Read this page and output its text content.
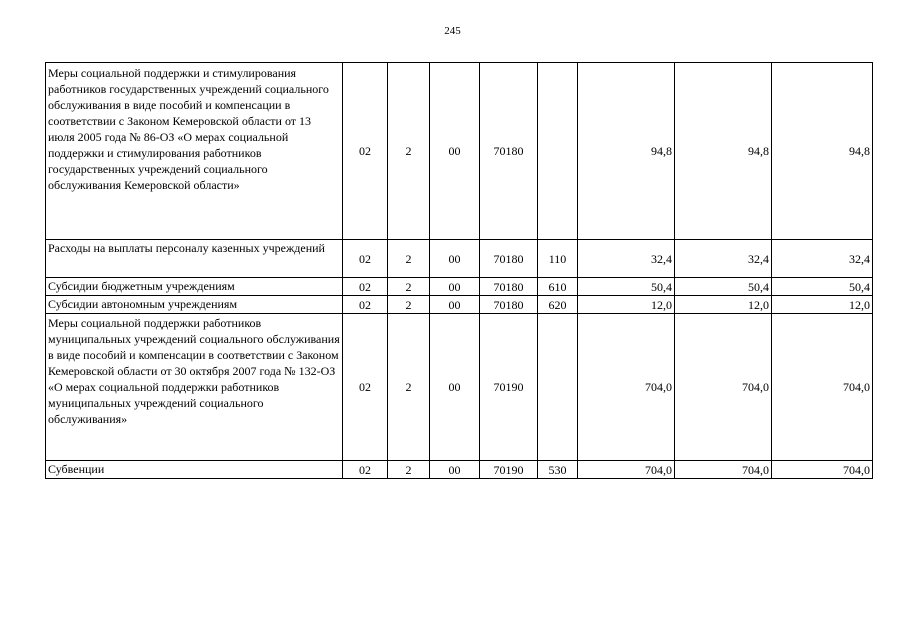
245
Меры социальной поддержки и стимулирования работников государственных учреждений социального обслуживания в виде пособий и компенсации в соответствии с Законом Кемеровской области от 13 июля 2005 года № 86-ОЗ «О мерах социальной поддержки и стимулирования работников государственных учреждений социального обслуживания Кемеровской области»	02	2	00	70180		94,8	94,8	94,8
Расходы на выплаты персоналу казенных учреждений	02	2	00	70180	110	32,4	32,4	32,4
Субсидии бюджетным учреждениям	02	2	00	70180	610	50,4	50,4	50,4
Субсидии автономным учреждениям	02	2	00	70180	620	12,0	12,0	12,0
Меры социальной поддержки работников муниципальных учреждений социального обслуживания в виде пособий и компенсации в соответствии с Законом Кемеровской области от 30 октября 2007 года № 132-ОЗ «О мерах социальной поддержки работников муниципальных учреждений социального обслуживания»	02	2	00	70190		704,0	704,0	704,0
Субвенции	02	2	00	70190	530	704,0	704,0	704,0
